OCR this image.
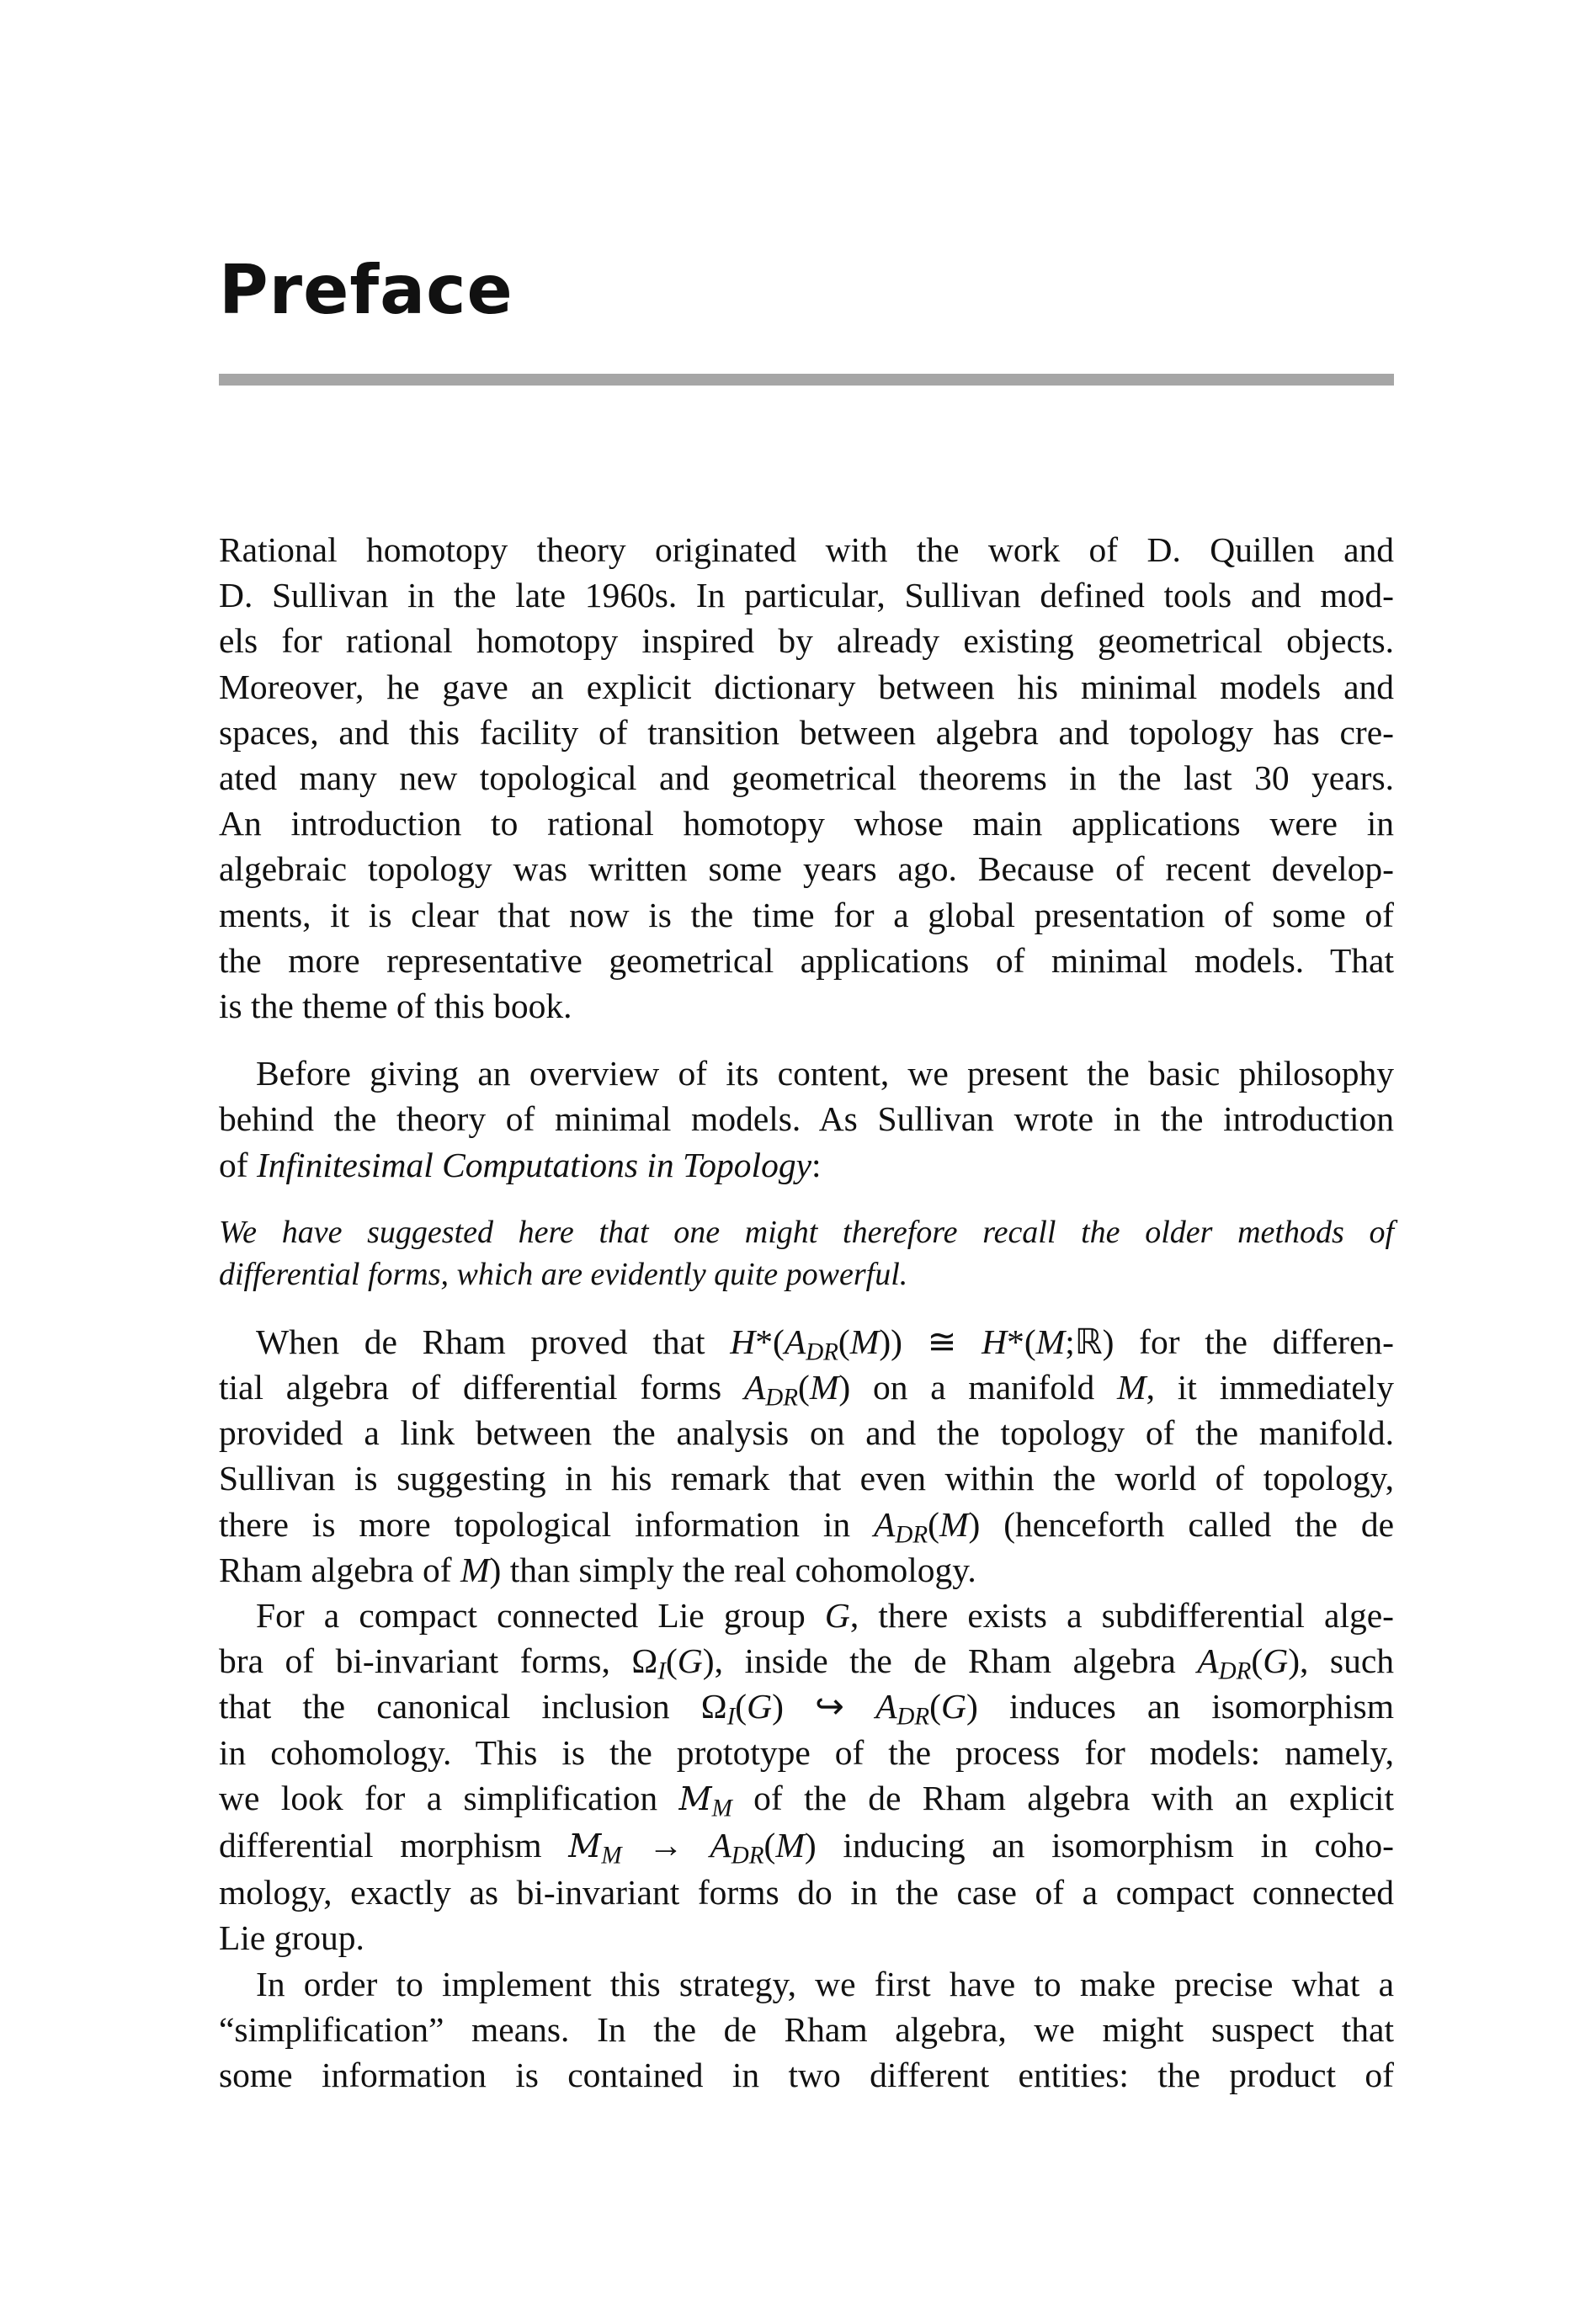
Preface

Rational homotopy theory originated with the work of D. Quillen and
D. Sullivan in the late 1960s. In particular, Sullivan defined tools and mod-
els for rational homotopy inspired by already existing geometrical objects.
Moreover, he gave an explicit dictionary between his minimal models and
spaces, and this facility of transition between algebra and topology has cre-
ated many new topological and geometrical theorems in the last 30 years.
An introduction to rational homotopy whose main applications were in
algebraic topology was written some years ago. Because of recent develop-
ments, it is clear that now is the time for a global presentation of some of
the more representative geometrical applications of minimal models. That
is the theme of this book.

Before giving an overview of its content, we present the basic philosophy
behind the theory of minimal models. As Sullivan wrote in the introduction
of Infinitesimal Computations in Topology:

We have suggested here that one might therefore recall the older methods of
differential forms, which are evidently quite powerful.

When de Rham proved that $H*(A_{DR}(M))$ ≅ H*(M;ℝ) for the differen-
tial algebra of differential forms $A_{DR}(M)$ on a manifold M, it immediately
provided a link between the analysis on and the topology of the manifold.
Sullivan is suggesting in his remark that even within the world of topology,
there is more topological information in $A_{DR}(M)$ (henceforth called the de
Rham algebra of M) than simply the real cohomology.

For a compact connected Lie group G, there exists a subdifferential alge-
bra of bi-invariant forms, $\Omega_I(G)$, inside the de Rham algebra $A_{DR}(G)$, such
that the canonical inclusion $\Omega_I(G)$ ↪ $A_{DR}(G)$ induces an isomorphism
in cohomology. This is the prototype of the process for models: namely,
we look for a simplification $M_M$ of the de Rham algebra with an explicit
differential morphism $M_M \to A_{DR}(M)$ inducing an isomorphism in coho-
mology, exactly as bi-invariant forms do in the case of a compact connected
Lie group.

In order to implement this strategy, we first have to make precise what a
“simplification” means. In the de Rham algebra, we might suspect that
some information is contained in two different entities: the product of
